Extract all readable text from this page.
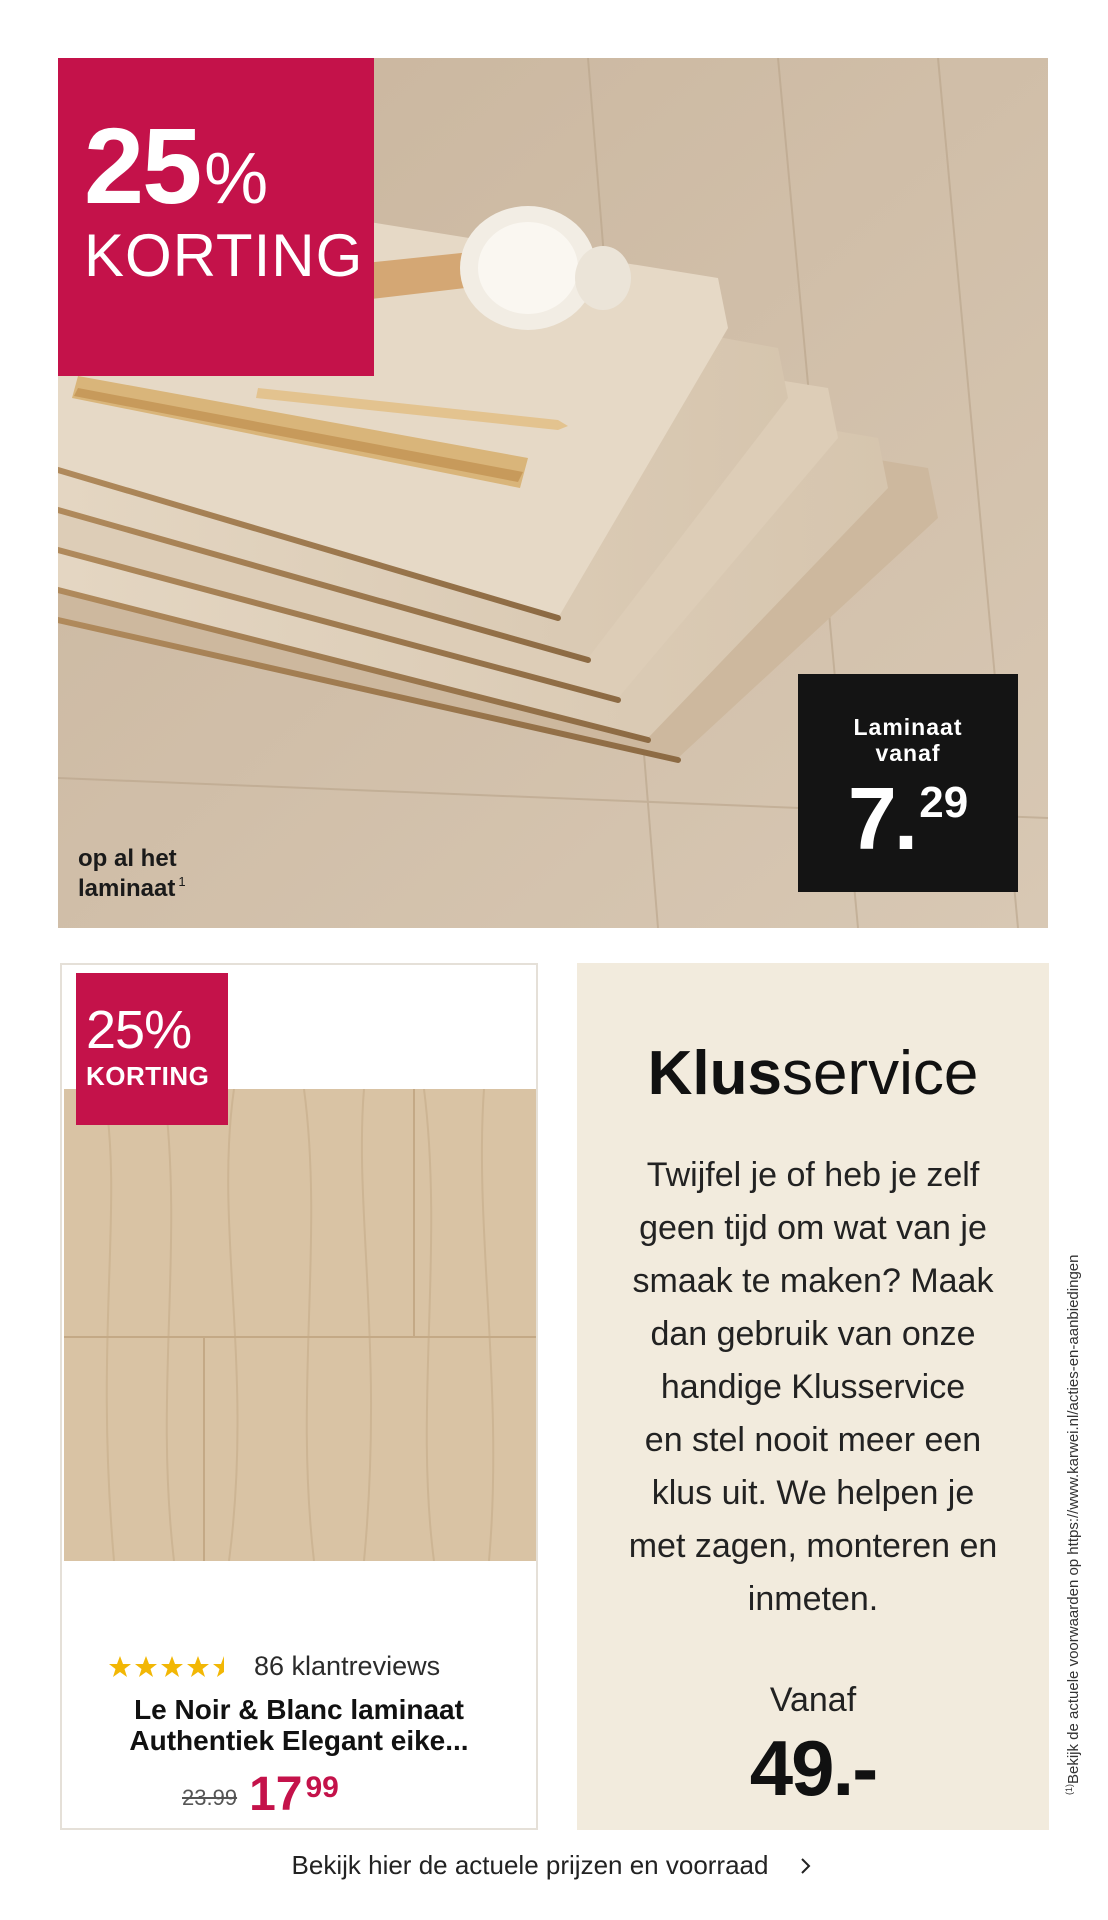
25 %
KORTING
op al het
laminaat $^1$
Laminaat
vanaf
7. 29
25%
KORTING
86 klantreviews
Le Noir & Blanc laminaat
Authentiek Elegant eike...
23.99 17 99
Klusservice
Twijfel je of heb je zelf
geen tijd om wat van je
smaak te maken? Maak
dan gebruik van onze
handige Klusservice
en stel nooit meer een
klus uit. We helpen je
met zagen, monteren en
inmeten.
Vanaf
49.-	$^{(1)}$Bekijk de actuele voorwaarden op https://www.karwei.nl/acties-en-aanbiedingen
Bekijk hier de actuele prijzen en voorraad
